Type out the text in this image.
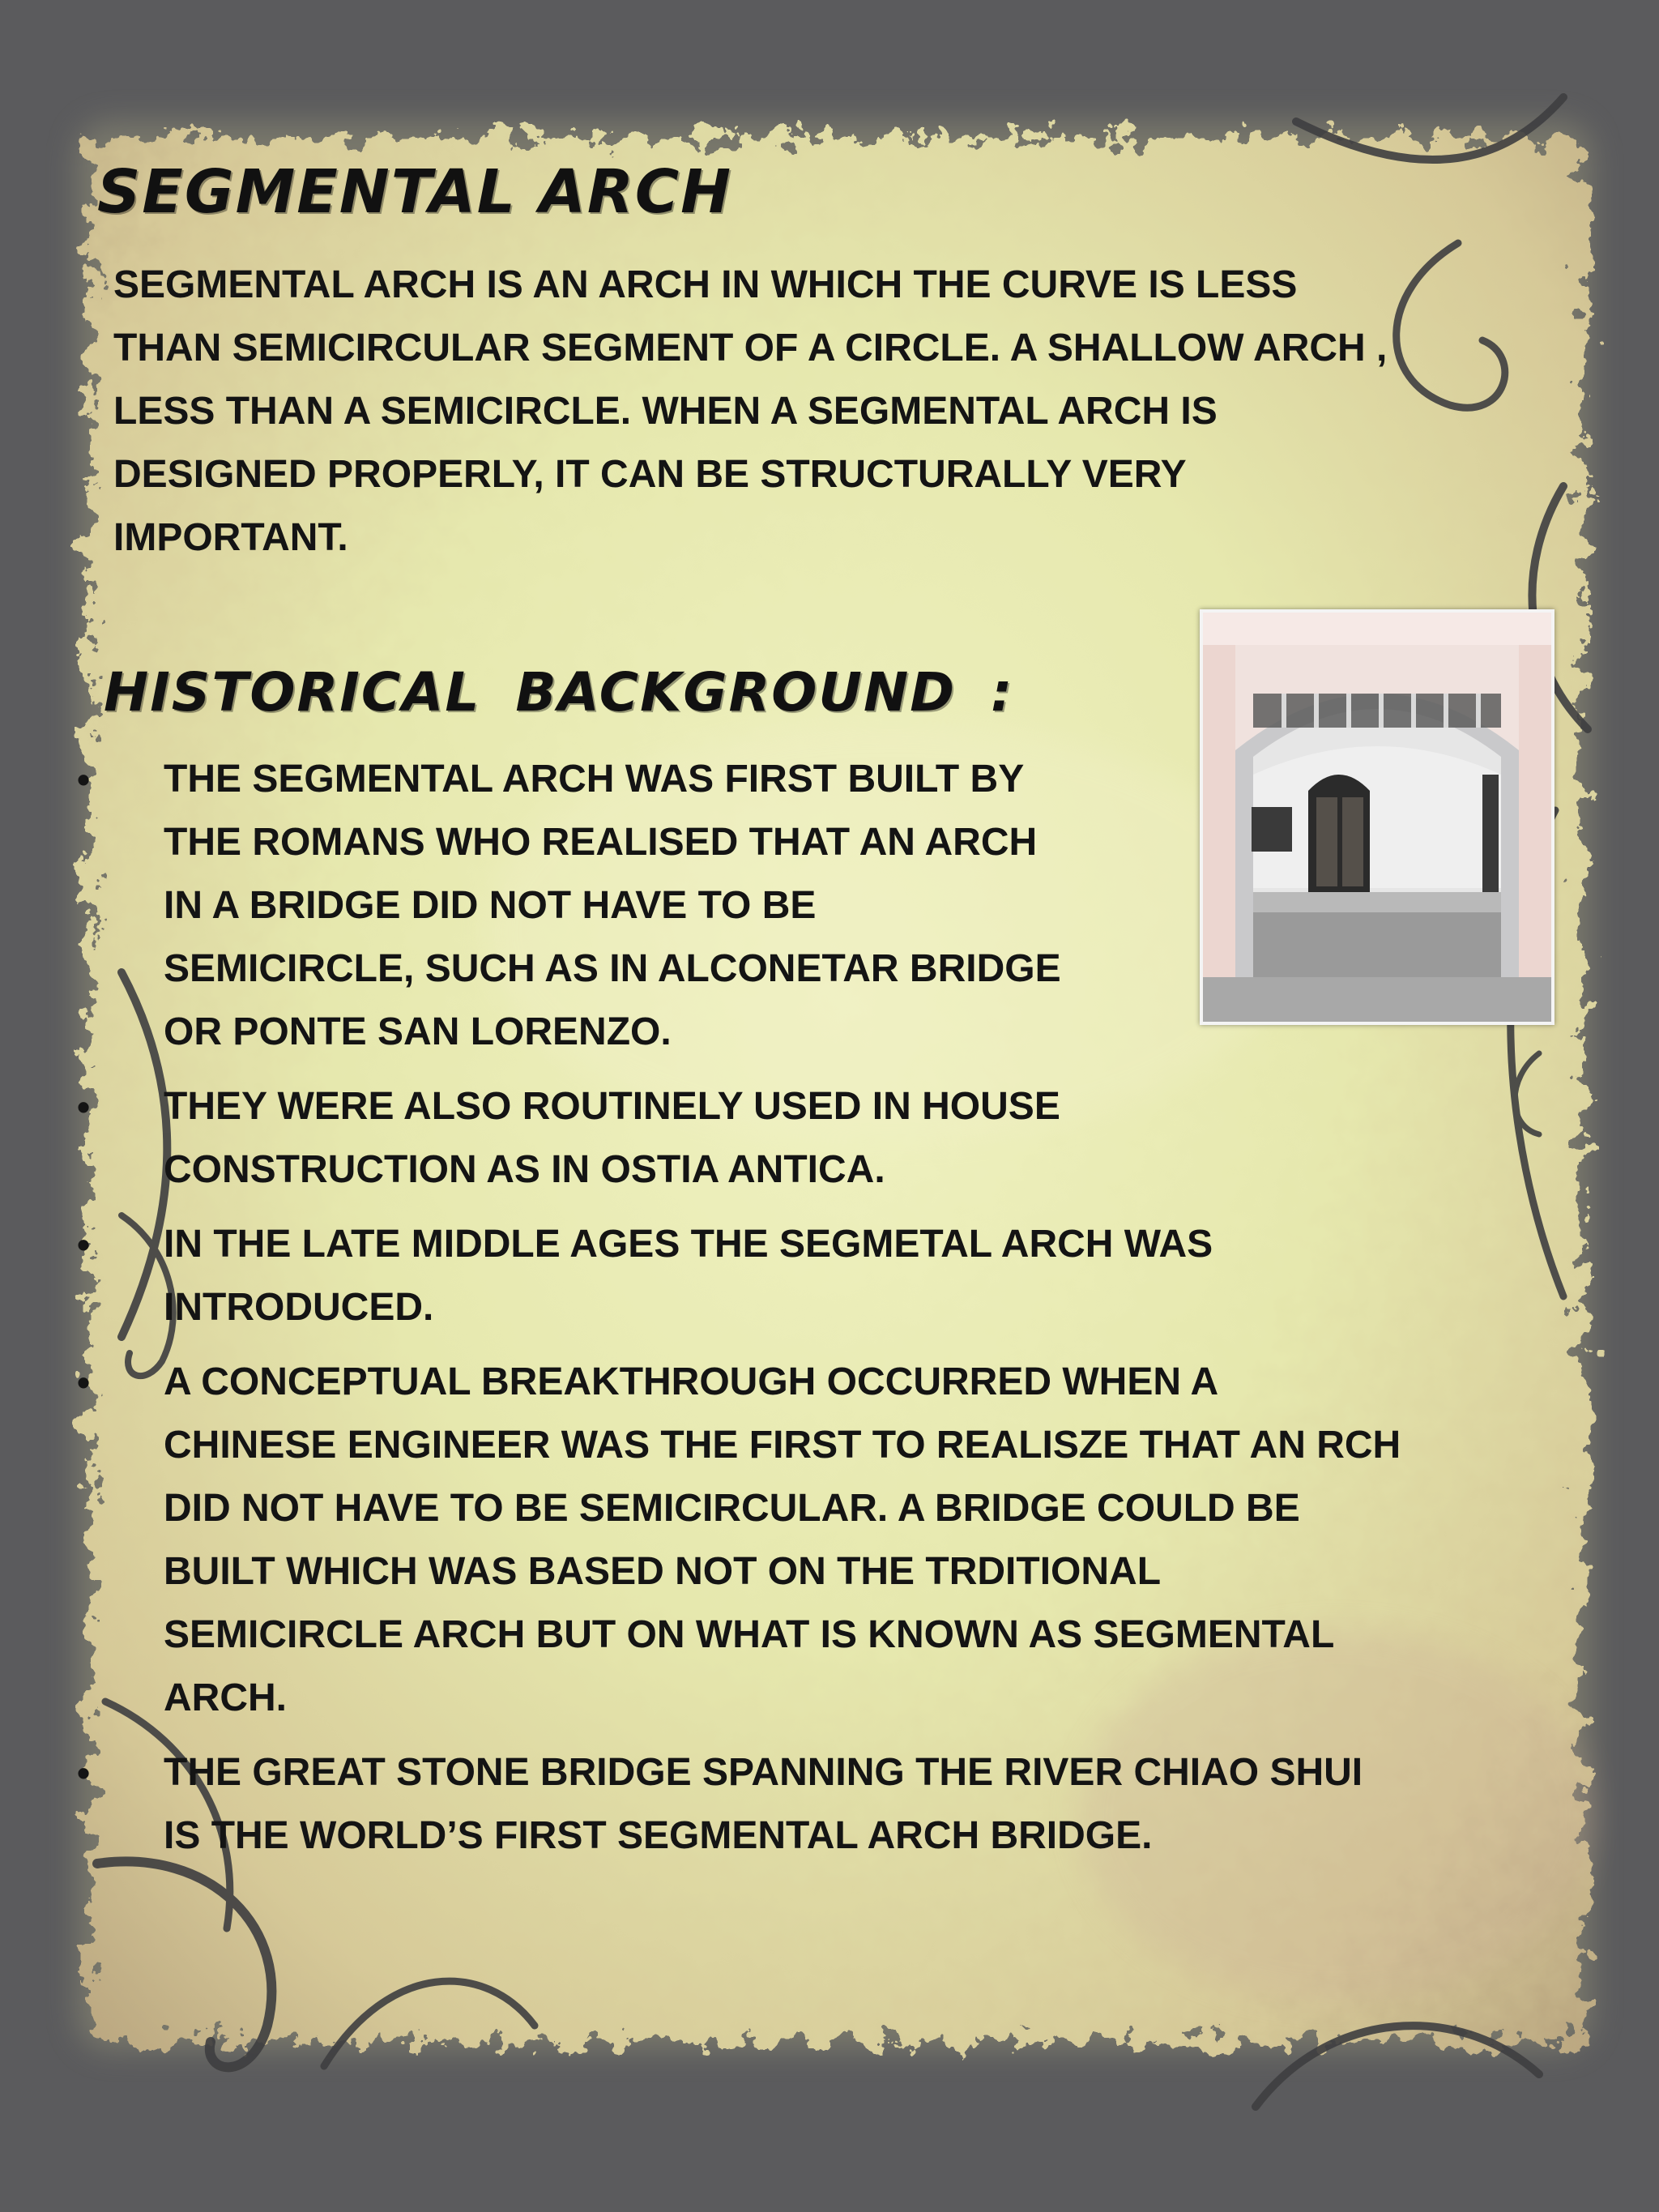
SEGMENTAL ARCH
SEGMENTAL ARCH IS AN ARCH IN WHICH THE CURVE IS LESS
THAN SEMICIRCULAR SEGMENT OF A CIRCLE. A SHALLOW ARCH ,
LESS THAN A SEMICIRCLE. WHEN A SEGMENTAL ARCH IS
DESIGNED PROPERLY, IT CAN BE STRUCTURALLY VERY
IMPORTANT.
HISTORICAL BACKGROUND :
• THE SEGMENTAL ARCH WAS FIRST BUILT BY
THE ROMANS WHO REALISED THAT AN ARCH
IN A BRIDGE DID NOT HAVE TO BE
SEMICIRCLE, SUCH AS IN ALCONETAR BRIDGE
OR PONTE SAN LORENZO.
• THEY WERE ALSO ROUTINELY USED IN HOUSE
CONSTRUCTION AS IN OSTIA ANTICA.
• IN THE LATE MIDDLE AGES THE SEGMETAL ARCH WAS
INTRODUCED.
• A CONCEPTUAL BREAKTHROUGH OCCURRED WHEN A
CHINESE ENGINEER WAS THE FIRST TO REALISZE THAT AN RCH
DID NOT HAVE TO BE SEMICIRCULAR. A BRIDGE COULD BE
BUILT WHICH WAS BASED NOT ON THE TRDITIONAL
SEMICIRCLE ARCH BUT ON WHAT IS KNOWN AS SEGMENTAL
ARCH.
• THE GREAT STONE BRIDGE SPANNING THE RIVER CHIAO SHUI
IS THE WORLD’S FIRST SEGMENTAL ARCH BRIDGE.
